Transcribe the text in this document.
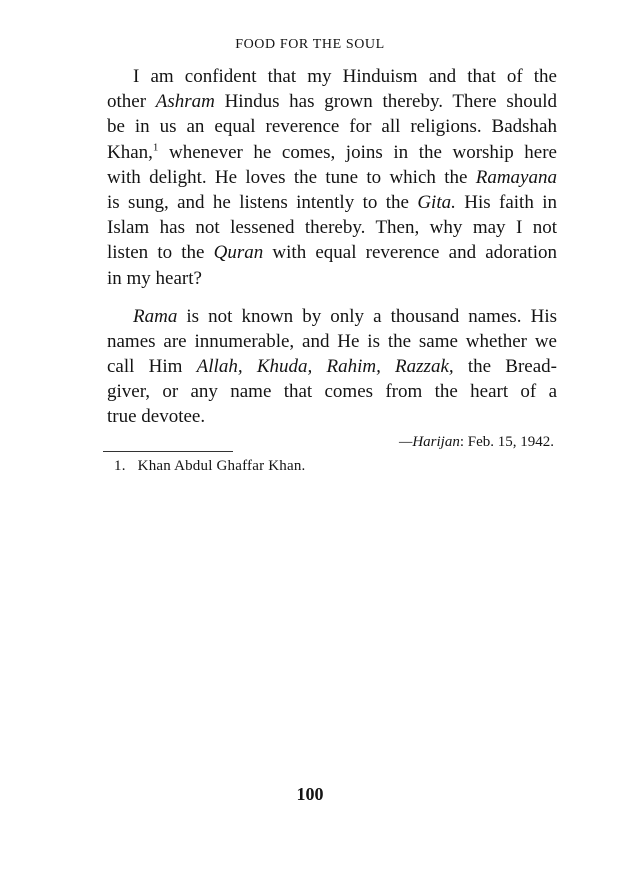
FOOD FOR THE SOUL
I am confident that my Hinduism and that of the
other Ashram Hindus has grown thereby. There should
be in us an equal reverence for all religions. Badshah
Khan,$^1$ whenever he comes, joins in the worship here
with delight. He loves the tune to which the Ramayana
is sung, and he listens intently to the Gita. His faith in
Islam has not lessened thereby. Then, why may I not
listen to the Quran with equal reverence and adoration
in my heart?
Rama is not known by only a thousand names. His
names are innumerable, and He is the same whether we
call Him Allah, Khuda, Rahim, Razzak, the Bread-
giver, or any name that comes from the heart of a
true devotee.
—Harijan: Feb. 15, 1942.
1. Khan Abdul Ghaffar Khan.
100
